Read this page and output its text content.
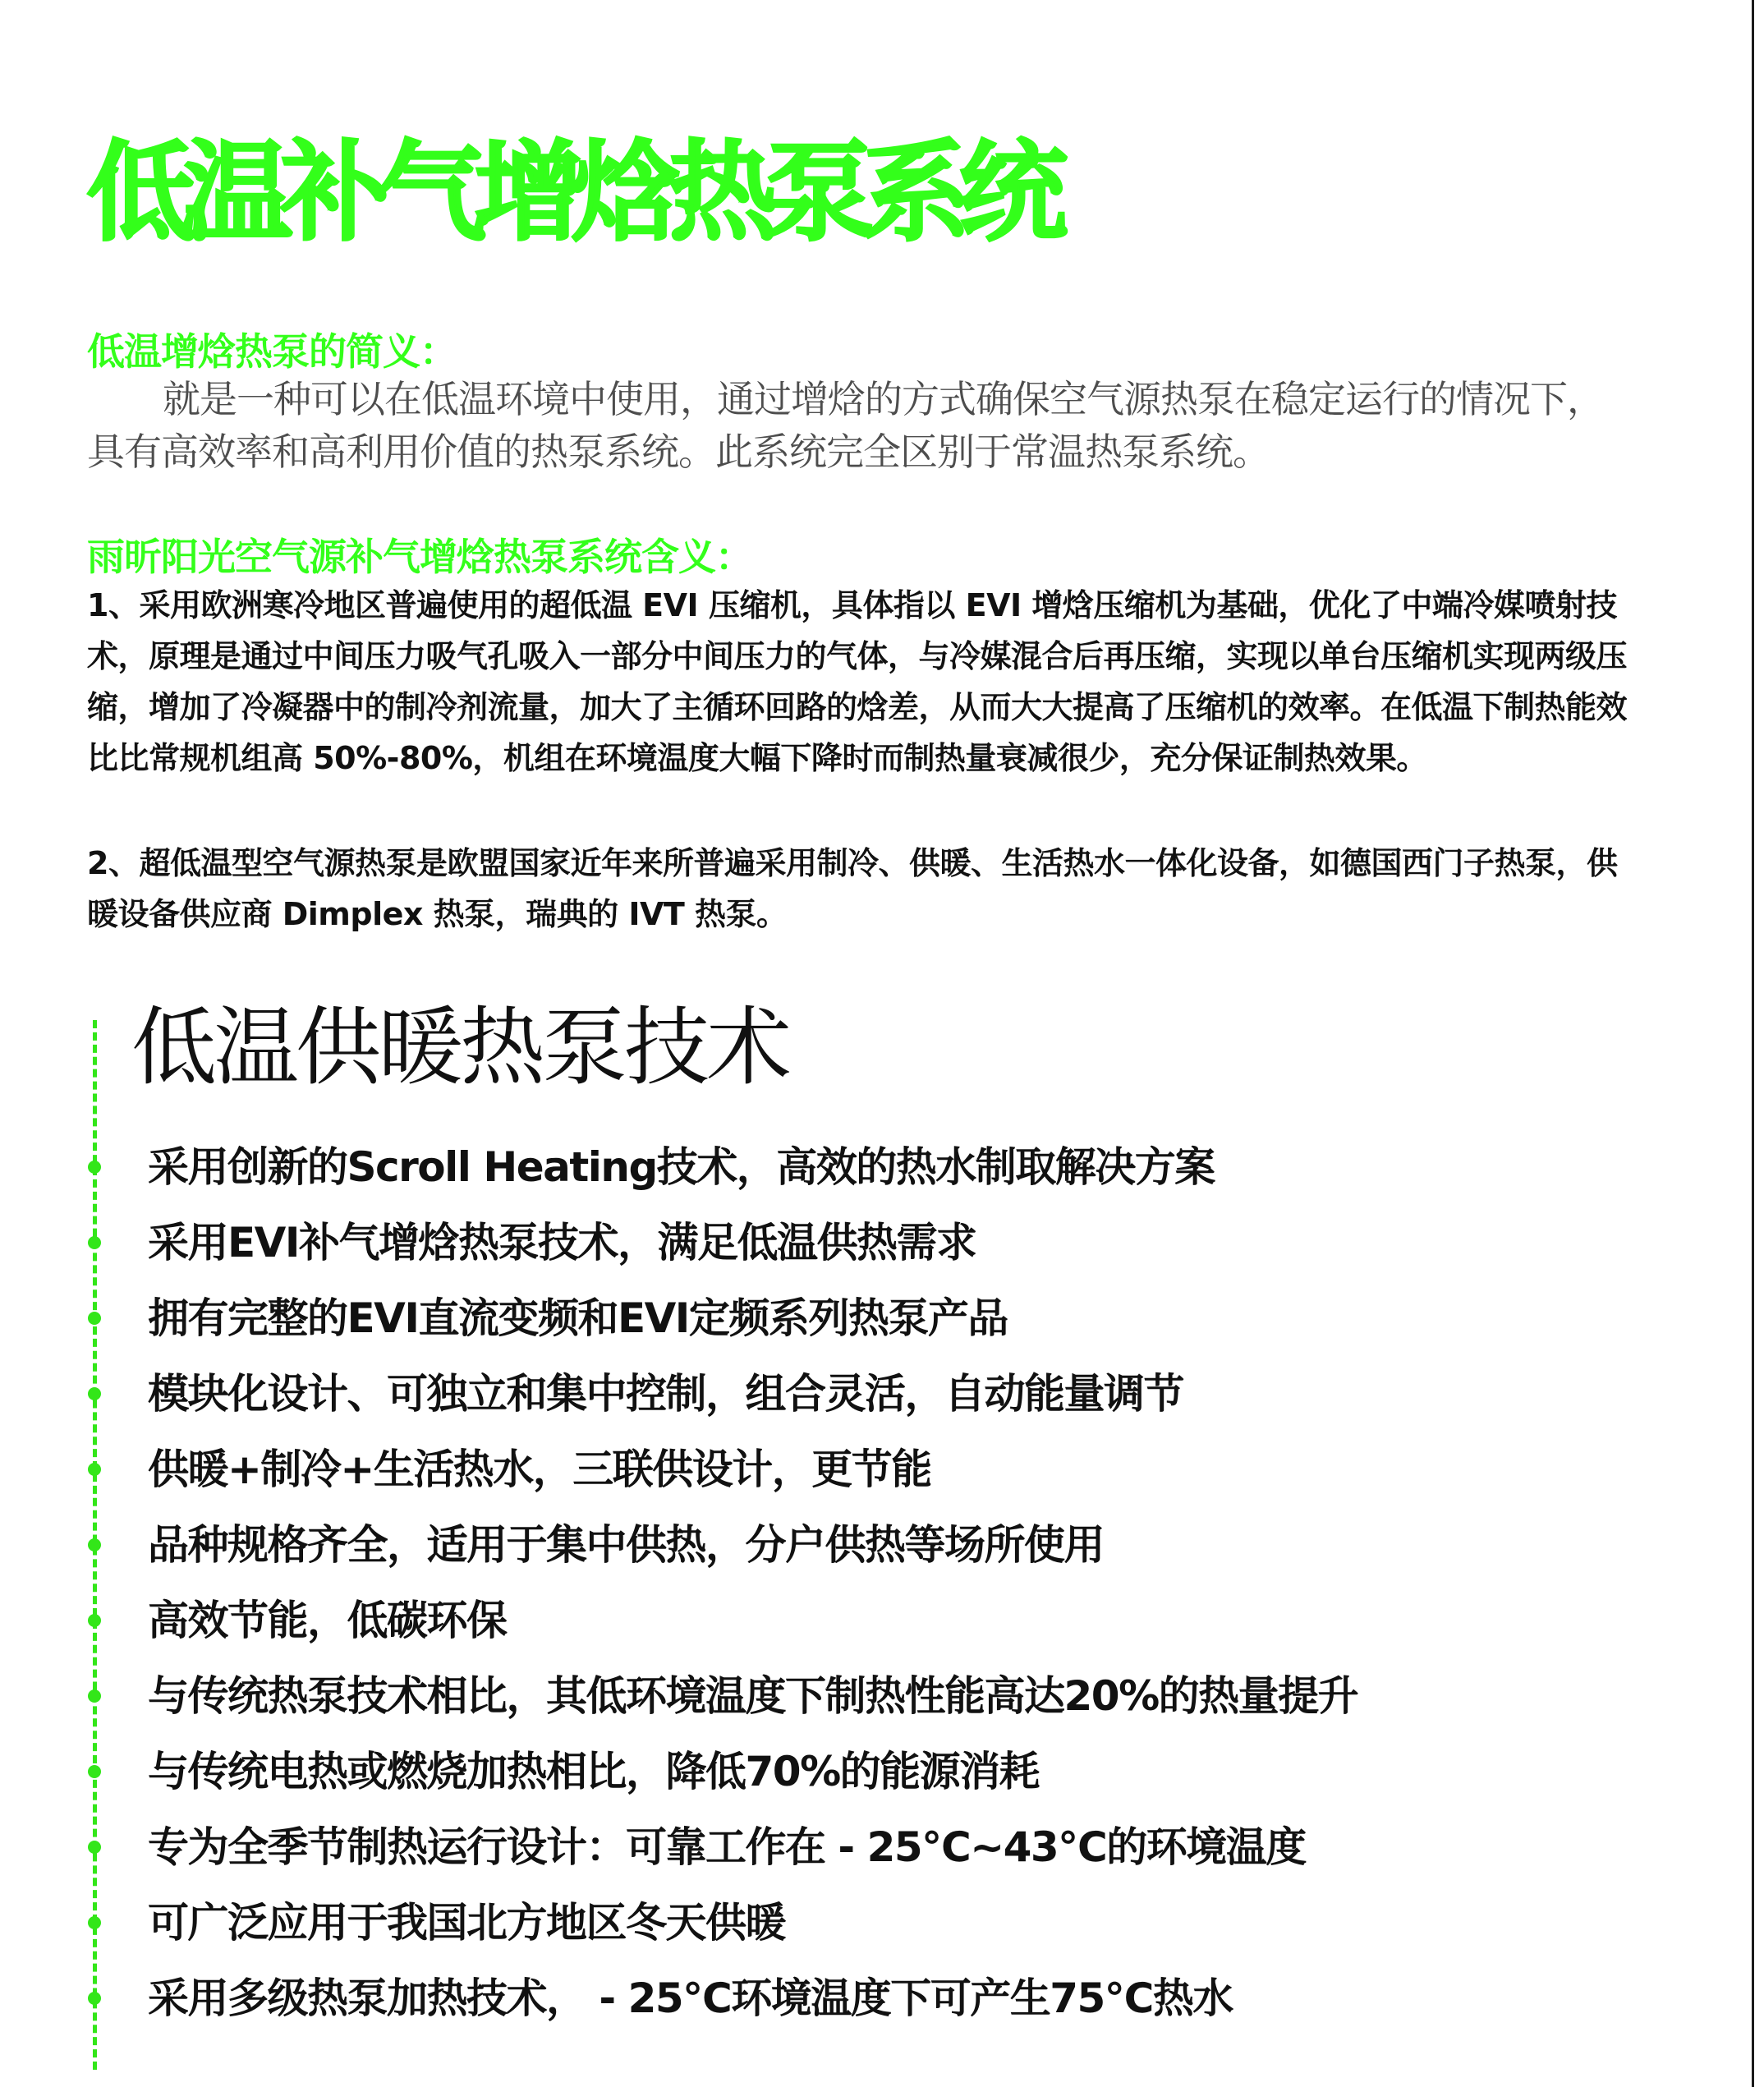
低温补气增焓热泵系统
低温增焓热泵的简义：

就是一种可以在低温环境中使用，通过增焓的方式确保空气源热泵在稳定运行的情况下，具有高效率和高利用价值的热泵系统。此系统完全区别于常温热泵系统。

雨昕阳光空气源补气增焓热泵系统含义：

1、采用欧洲寒冷地区普遍使用的超低温 EVI 压缩机，具体指以 EVI 增焓压缩机为基础，优化了中端冷媒喷射技术，原理是通过中间压力吸气孔吸入一部分中间压力的气体，与冷媒混合后再压缩，实现以单台压缩机实现两级压缩，增加了冷凝器中的制冷剂流量，加大了主循环回路的焓差，从而大大提高了压缩机的效率。在低温下制热能效比比常规机组高 50%-80%，机组在环境温度大幅下降时而制热量衰减很少，充分保证制热效果。

2、超低温型空气源热泵是欧盟国家近年来所普遍采用制冷、供暖、生活热水一体化设备，如德国西门子热泵，供暖设备供应商 Dimplex 热泵，瑞典的 IVT 热泵。

低温供暖热泵技术
采用创新的Scroll Heating技术，高效的热水制取解决方案
采用EVI补气增焓热泵技术，满足低温供热需求
拥有完整的EVI直流变频和EVI定频系列热泵产品
模块化设计、可独立和集中控制，组合灵活，自动能量调节
供暖+制冷+生活热水，三联供设计，更节能
品种规格齐全，适用于集中供热，分户供热等场所使用
高效节能，低碳环保
与传统热泵技术相比，其低环境温度下制热性能高达20%的热量提升
与传统电热或燃烧加热相比，降低70%的能源消耗
专为全季节制热运行设计：可靠工作在 - 25℃~43℃的环境温度
可广泛应用于我国北方地区冬天供暖
采用多级热泵加热技术， - 25℃环境温度下可产生75℃热水
